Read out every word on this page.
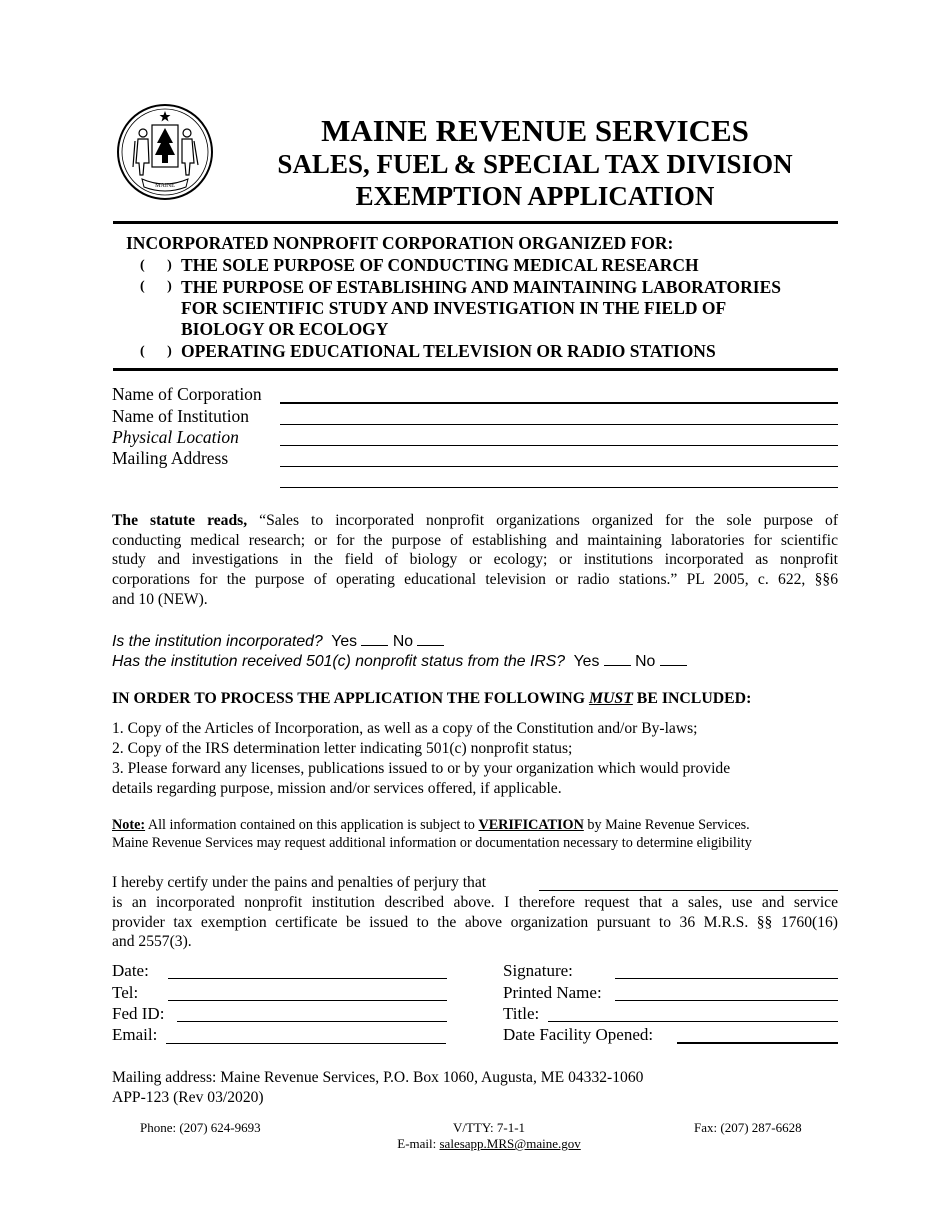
MAINE
MAINE REVENUE SERVICES
SALES, FUEL & SPECIAL TAX DIVISION
EXEMPTION APPLICATION
INCORPORATED NONPROFIT CORPORATION ORGANIZED FOR:
(   ) THE SOLE PURPOSE OF CONDUCTING MEDICAL RESEARCH
(   ) THE PURPOSE OF ESTABLISHING AND MAINTAINING LABORATORIES
FOR SCIENTIFIC STUDY AND INVESTIGATION IN THE FIELD OF
BIOLOGY OR ECOLOGY
(   ) OPERATING EDUCATIONAL TELEVISION OR RADIO STATIONS
Name of Corporation
Name of Institution
Physical Location
Mailing Address
The statute reads, “Sales to incorporated nonprofit organizations organized for the sole purpose of
conducting medical research; or for the purpose of establishing and maintaining laboratories for scientific
study and investigations in the field of biology or ecology; or institutions incorporated as nonprofit
corporations for the purpose of operating educational television or radio stations.” PL 2005, c. 622, §§6
and 10 (NEW).
Is the institution incorporated? Yes No
Has the institution received 501(c) nonprofit status from the IRS? Yes No
IN ORDER TO PROCESS THE APPLICATION THE FOLLOWING MUST BE INCLUDED:
1. Copy of the Articles of Incorporation, as well as a copy of the Constitution and/or By-laws;
2. Copy of the IRS determination letter indicating 501(c) nonprofit status;
3. Please forward any licenses, publications issued to or by your organization which would provide
details regarding purpose, mission and/or services offered, if applicable.
Note: All information contained on this application is subject to VERIFICATION by Maine Revenue Services.
Maine Revenue Services may request additional information or documentation necessary to determine eligibility
I hereby certify under the pains and penalties of perjury that
is an incorporated nonprofit institution described above. I therefore request that a sales, use and service
provider tax exemption certificate be issued to the above organization pursuant to 36 M.R.S. §§ 1760(16)
and 2557(3).
Date:
Tel:
Fed ID:
Email:
Signature:
Printed Name:
Title:
Date Facility Opened:
Mailing address: Maine Revenue Services, P.O. Box 1060, Augusta, ME 04332-1060
APP-123 (Rev 03/2020)
Phone: (207) 624-9693	V/TTY: 7-1-1	Fax: (207) 287-6628
E-mail: salesapp.MRS@maine.gov
